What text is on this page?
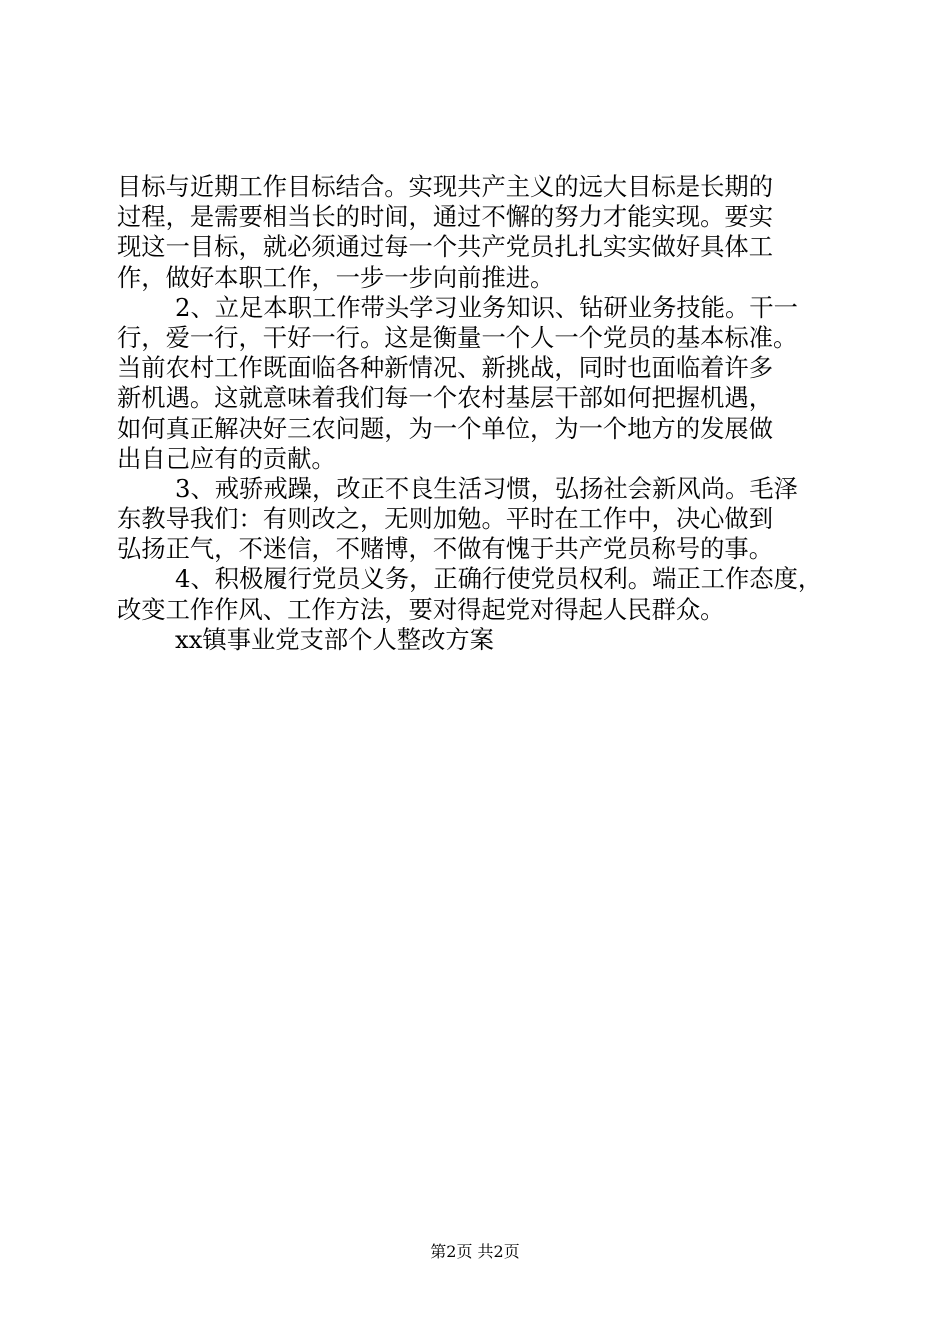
目标与近期工作目标结合。实现共产主义的远大目标是长期的
过程，是需要相当长的时间，通过不懈的努力才能实现。要实
现这一目标，就必须通过每一个共产党员扎扎实实做好具体工
作，做好本职工作，一步一步向前推进。
2、立足本职工作带头学习业务知识、钻研业务技能。干一
行，爱一行，干好一行。这是衡量一个人一个党员的基本标准。
当前农村工作既面临各种新情况、新挑战，同时也面临着许多
新机遇。这就意味着我们每一个农村基层干部如何把握机遇，
如何真正解决好三农问题，为一个单位，为一个地方的发展做
出自己应有的贡献。
3、戒骄戒躁，改正不良生活习惯，弘扬社会新风尚。毛泽
东教导我们：有则改之，无则加勉。平时在工作中，决心做到
弘扬正气，不迷信，不赌博，不做有愧于共产党员称号的事。
4、积极履行党员义务，正确行使党员权利。端正工作态度，
改变工作作风、工作方法，要对得起党对得起人民群众。
xx镇事业党支部个人整改方案
第2页 共2页
